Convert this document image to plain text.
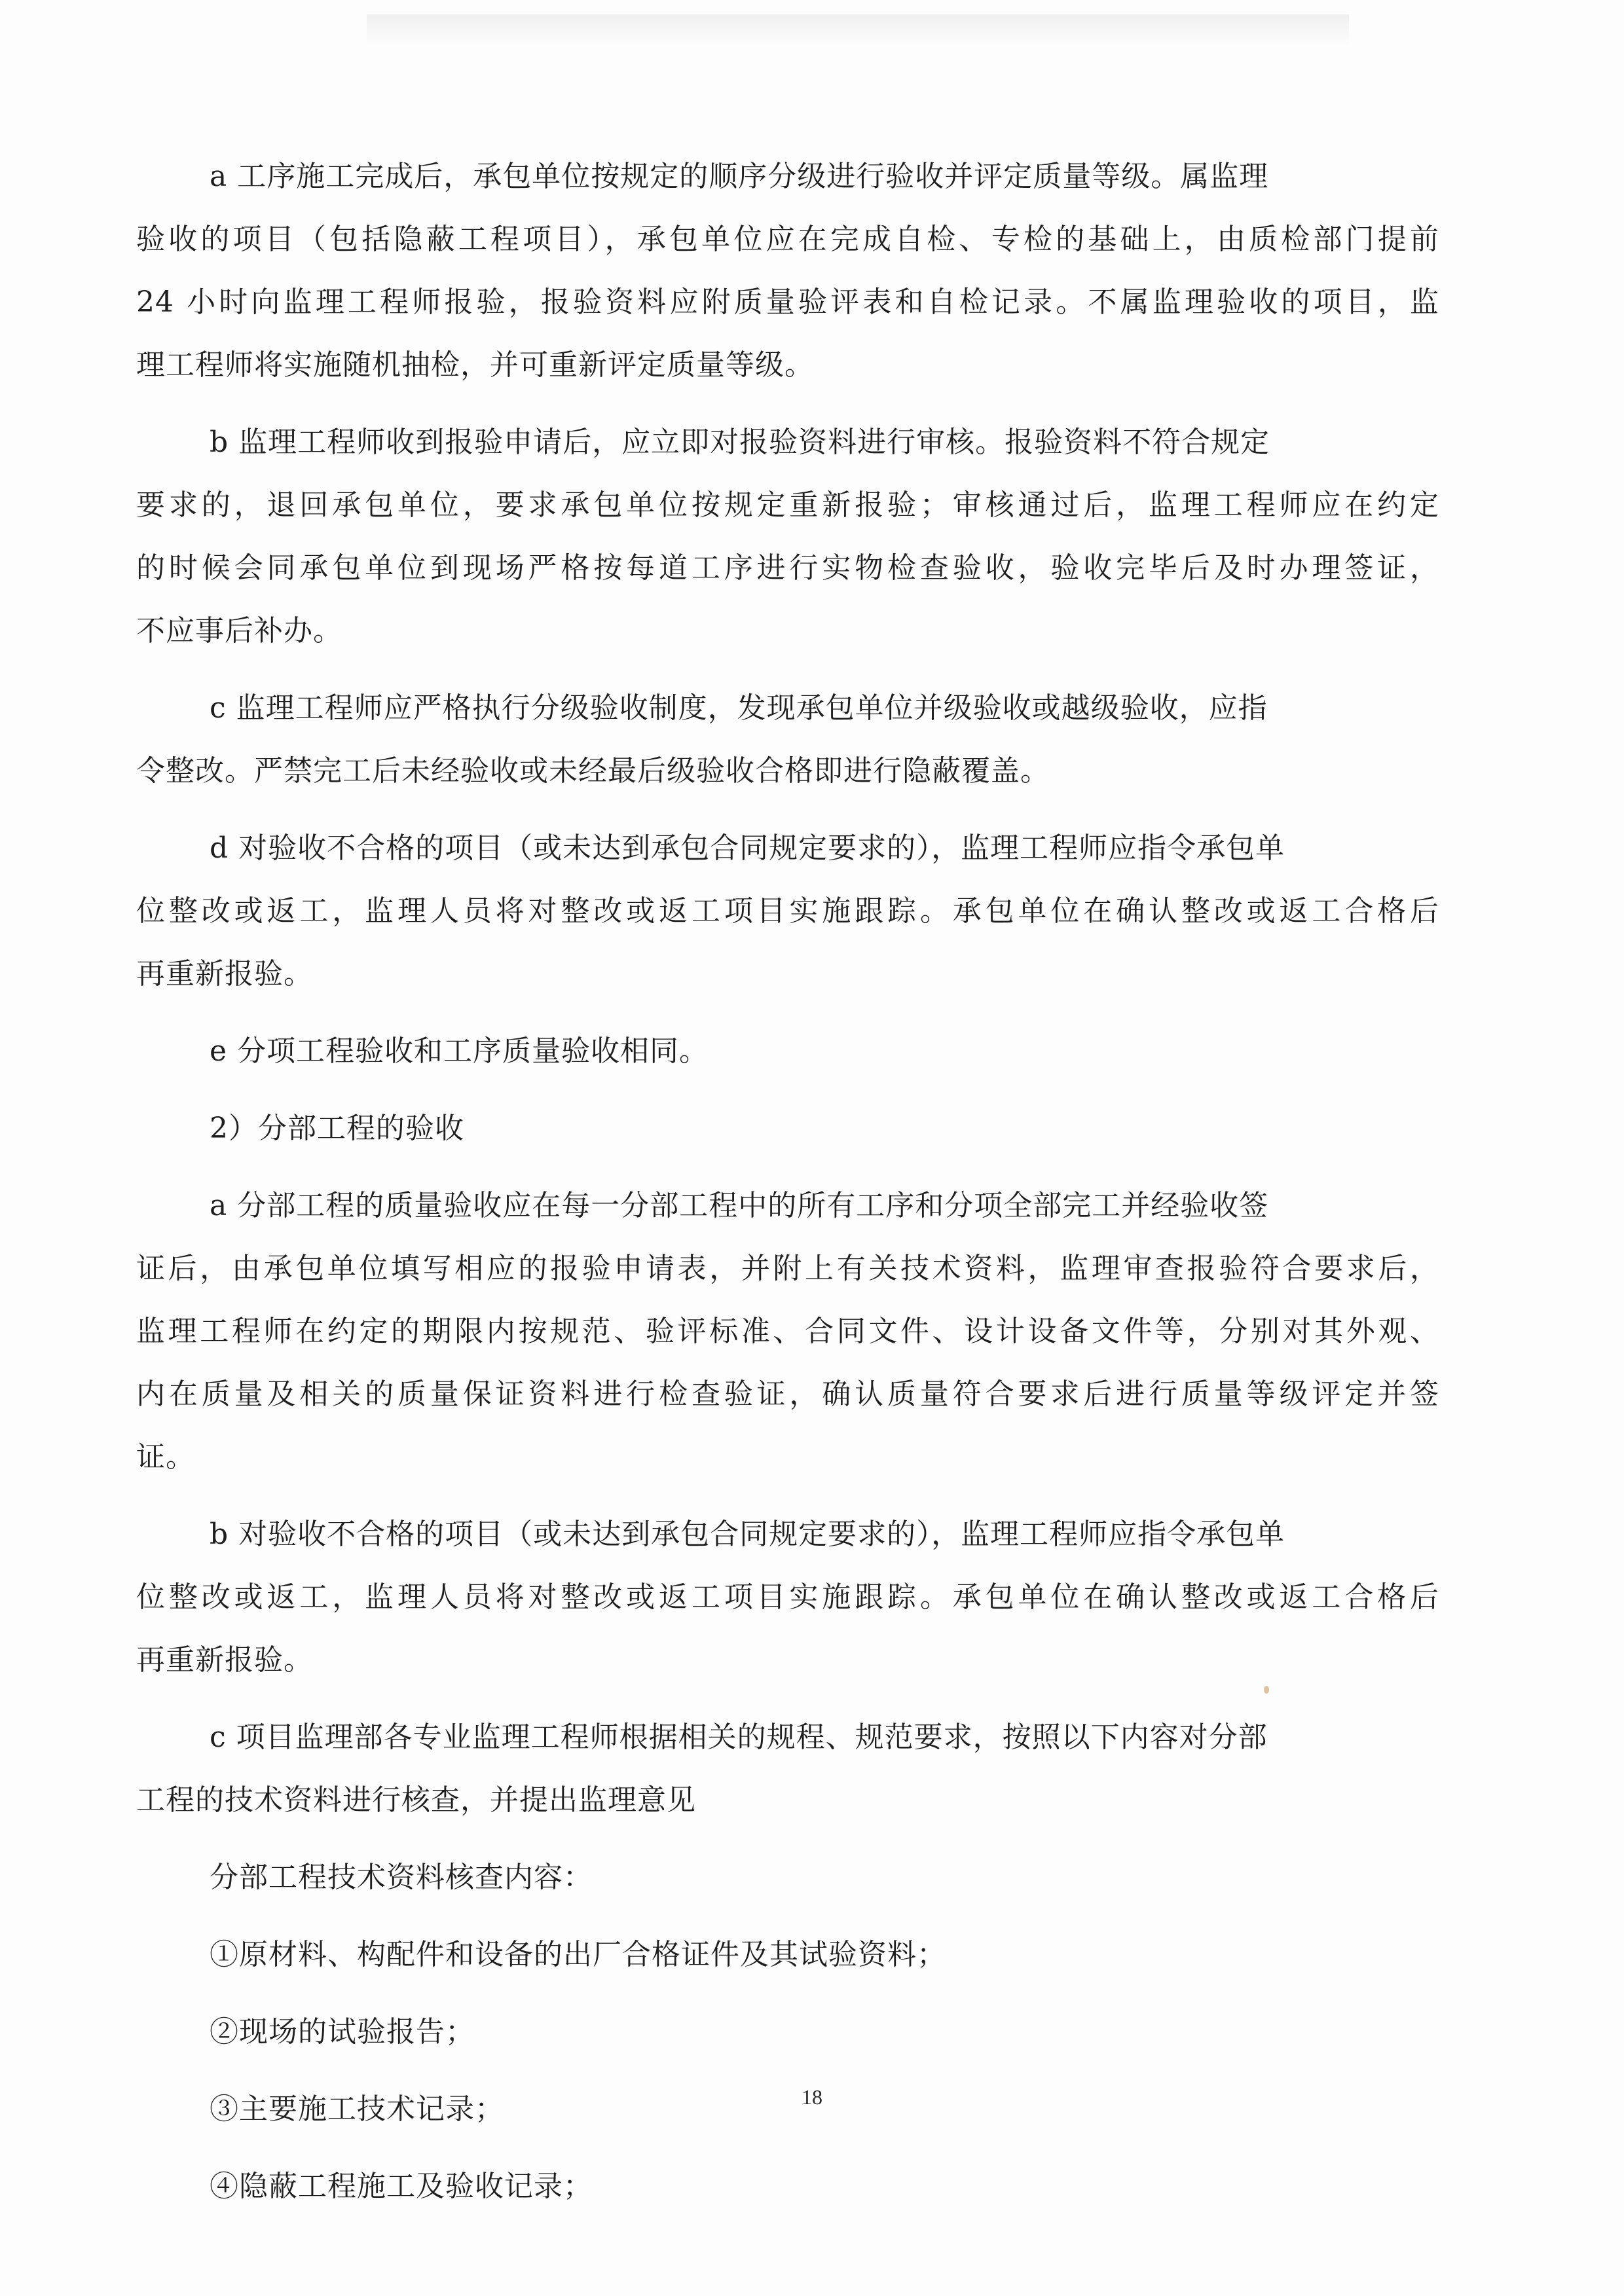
a 工序施工完成后，承包单位按规定的顺序分级进行验收并评定质量等级。属监理
验收的项目（包括隐蔽工程项目），承包单位应在完成自检、专检的基础上，由质检部门提前
24 小时向监理工程师报验，报验资料应附质量验评表和自检记录。不属监理验收的项目，监
理工程师将实施随机抽检，并可重新评定质量等级。
b 监理工程师收到报验申请后，应立即对报验资料进行审核。报验资料不符合规定
要求的，退回承包单位，要求承包单位按规定重新报验；审核通过后，监理工程师应在约定
的时候会同承包单位到现场严格按每道工序进行实物检查验收，验收完毕后及时办理签证，
不应事后补办。
c 监理工程师应严格执行分级验收制度，发现承包单位并级验收或越级验收，应指
令整改。严禁完工后未经验收或未经最后级验收合格即进行隐蔽覆盖。
d 对验收不合格的项目（或未达到承包合同规定要求的），监理工程师应指令承包单
位整改或返工，监理人员将对整改或返工项目实施跟踪。承包单位在确认整改或返工合格后
再重新报验。
e 分项工程验收和工序质量验收相同。
2）分部工程的验收
a 分部工程的质量验收应在每一分部工程中的所有工序和分项全部完工并经验收签
证后，由承包单位填写相应的报验申请表，并附上有关技术资料，监理审查报验符合要求后，
监理工程师在约定的期限内按规范、验评标准、合同文件、设计设备文件等，分别对其外观、
内在质量及相关的质量保证资料进行检查验证，确认质量符合要求后进行质量等级评定并签
证。
b 对验收不合格的项目（或未达到承包合同规定要求的），监理工程师应指令承包单
位整改或返工，监理人员将对整改或返工项目实施跟踪。承包单位在确认整改或返工合格后
再重新报验。
c 项目监理部各专业监理工程师根据相关的规程、规范要求，按照以下内容对分部
工程的技术资料进行核查，并提出监理意见
分部工程技术资料核查内容：
①原材料、构配件和设备的出厂合格证件及其试验资料；
②现场的试验报告；
③主要施工技术记录；
④隐蔽工程施工及验收记录；
18
